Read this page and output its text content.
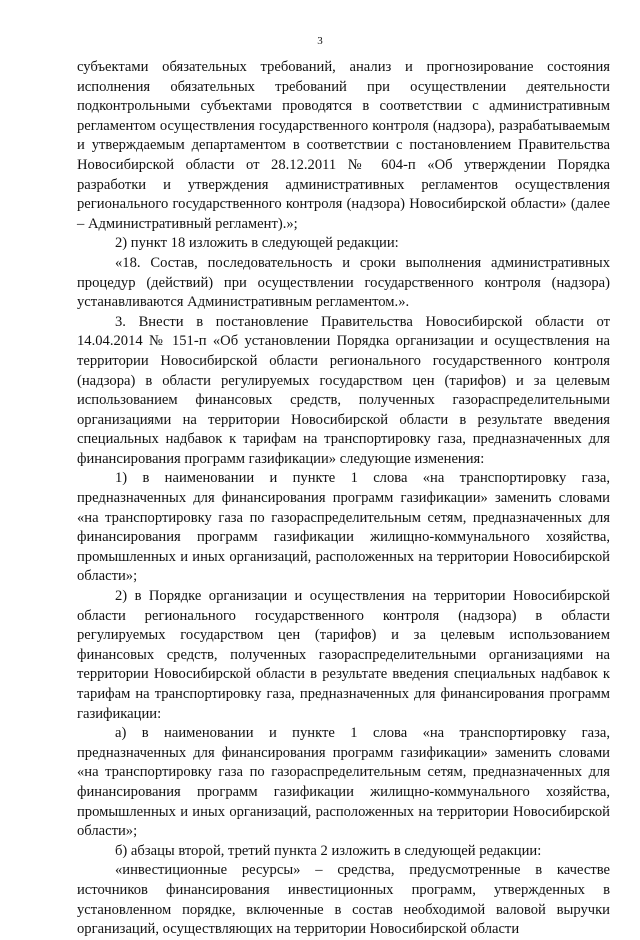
3

субъектами обязательных требований, анализ и прогнозирование состояния исполнения обязательных требований при осуществлении деятельности подконтрольными субъектами проводятся в соответствии с административным регламентом осуществления государственного контроля (надзора), разрабатываемым и утверждаемым департаментом в соответствии с постановлением Правительства Новосибирской области от 28.12.2011 № 604-п «Об утверждении Порядка разработки и утверждения административных регламентов осуществления регионального государственного контроля (надзора) Новосибирской области» (далее – Административный регламент).»;

2) пункт 18 изложить в следующей редакции:

«18. Состав, последовательность и сроки выполнения административных процедур (действий) при осуществлении государственного контроля (надзора) устанавливаются Административным регламентом.».

3. Внести в постановление Правительства Новосибирской области от 14.04.2014 № 151-п «Об установлении Порядка организации и осуществления на территории Новосибирской области регионального государственного контроля (надзора) в области регулируемых государством цен (тарифов) и за целевым использованием финансовых средств, полученных газораспределительными организациями на территории Новосибирской области в результате введения специальных надбавок к тарифам на транспортировку газа, предназначенных для финансирования программ газификации» следующие изменения:

1) в наименовании и пункте 1 слова «на транспортировку газа, предназначенных для финансирования программ газификации» заменить словами «на транспортировку газа по газораспределительным сетям, предназначенных для финансирования программ газификации жилищно-коммунального хозяйства, промышленных и иных организаций, расположенных на территории Новосибирской области»;

2) в Порядке организации и осуществления на территории Новосибирской области регионального государственного контроля (надзора) в области регулируемых государством цен (тарифов) и за целевым использованием финансовых средств, полученных газораспределительными организациями на территории Новосибирской области в результате введения специальных надбавок к тарифам на транспортировку газа, предназначенных для финансирования программ газификации:

а) в наименовании и пункте 1 слова «на транспортировку газа, предназначенных для финансирования программ газификации» заменить словами «на транспортировку газа по газораспределительным сетям, предназначенных для финансирования программ газификации жилищно-коммунального хозяйства, промышленных и иных организаций, расположенных на территории Новосибирской области»;

б) абзацы второй, третий пункта 2 изложить в следующей редакции:

«инвестиционные ресурсы» – средства, предусмотренные в качестве источников финансирования инвестиционных программ, утвержденных в установленном порядке, включенные в состав необходимой валовой выручки организаций, осуществляющих на территории Новосибирской области
